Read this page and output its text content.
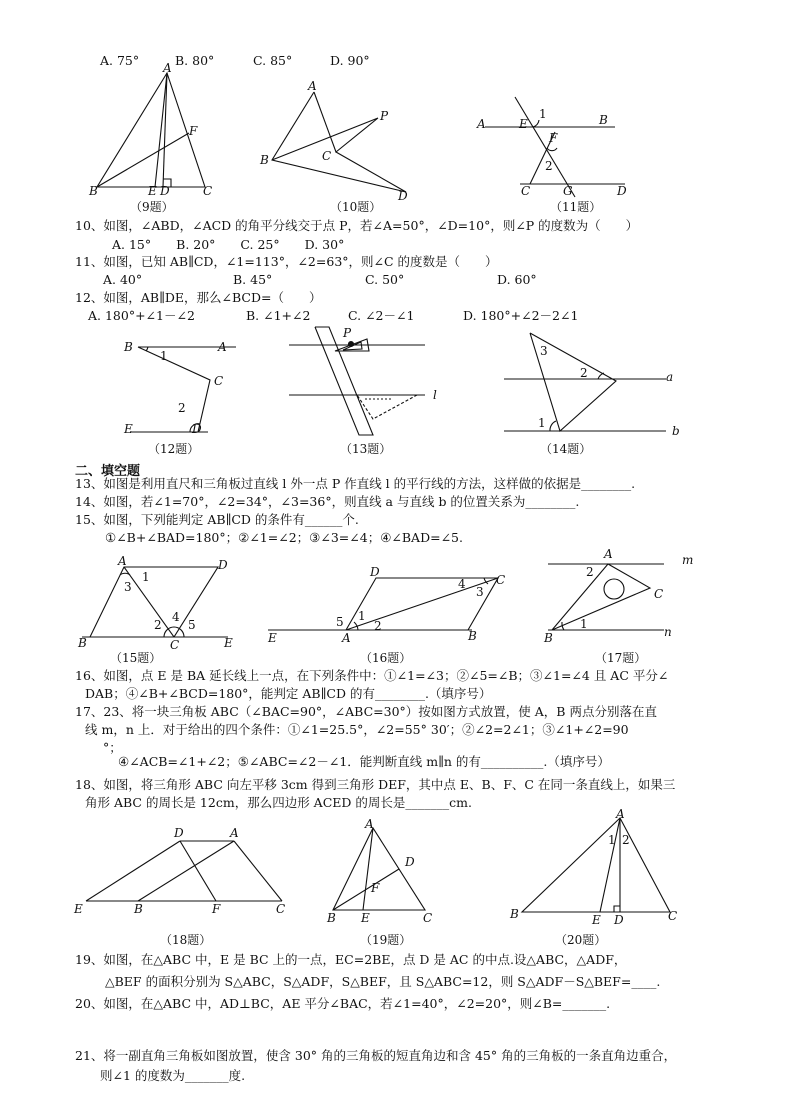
A. 75°	B. 80°	C. 85°	D. 90°
A
F
B	E D	C
（9题）
A
P
B	C
D
（10题）
A	E
1	B
F
2
C	G	D
（11题）
10、如图，∠ABD，∠ACD 的角平分线交于点 P，若∠A=50°，∠D=10°，则∠P 的度数为（　　）
A. 15°　　B. 20°　　C. 25°　　D. 30°
11、如图，已知 AB∥CD，∠1=113°，∠2=63°，则∠C 的度数是（　　）
A. 40°	B. 45°	C. 50°	D. 60°
12、如图，AB∥DE，那么∠BCD=（　　）
A. 180°+∠1－∠2	B. ∠1+∠2	C. ∠2－∠1	D. 180°+∠2－2∠1
B
1
A
C
2
E	D
（12题）
P
l
（13题）
3
2	a
1
b
（14题）
二、填空题
13、如图是利用直尺和三角板过直线 l 外一点 P 作直线 l 的平行线的方法，这样做的依据是________.
14、如图，若∠1=70°，∠2=34°，∠3=36°，则直线 a 与直线 b 的位置关系为________.
15、如图，下列能判定 AB∥CD 的条件有______个.
①∠B+∠BAD=180°；②∠1=∠2；③∠3=∠4；④∠BAD=∠5.
A	D
1
3
2
4
5
B	C	E
（15题）
D
C
4
3
5 1
2
E	A	B
（16题）
A	m
2
C
1
B	n
（17题）
16、如图，点 E 是 BA 延长线上一点，在下列条件中：①∠1=∠3；②∠5=∠B；③∠1=∠4 且 AC 平分∠
DAB；④∠B+∠BCD=180°，能判定 AB∥CD 的有________.（填序号）
17、23、将一块三角板 ABC（∠BAC=90°，∠ABC=30°）按如图方式放置，使 A，B 两点分别落在直
线 m，n 上．对于给出的四个条件：①∠1=25.5°，∠2=55° 30′；②∠2=2∠1；③∠1+∠2=90
°；
④∠ACB=∠1+∠2；⑤∠ABC=∠2－∠1．能判断直线 m∥n 的有__________.（填序号）
18、如图，将三角形 ABC 向左平移 3cm 得到三角形 DEF，其中点 E、B、F、C 在同一条直线上，如果三
角形 ABC 的周长是 12cm，那么四边形 ACED 的周长是_______cm.
D	A
E	B	F	C
（18题）
A
D
F
B E	C
（19题）
A
1 2
B	E D	C
（20题）
19、如图，在△ABC 中，E 是 BC 上的一点，EC=2BE，点 D 是 AC 的中点.设△ABC，△ADF，
△BEF 的面积分别为 S△ABC，S△ADF，S△BEF，且 S△ABC=12，则 S△ADF－S△BEF=____.
20、如图，在△ABC 中，AD⊥BC，AE 平分∠BAC，若∠1=40°，∠2=20°，则∠B=_______.
21、将一副直角三角板如图放置，使含 30° 角的三角板的短直角边和含 45° 角的三角板的一条直角边重合，
则∠1 的度数为_______度.
